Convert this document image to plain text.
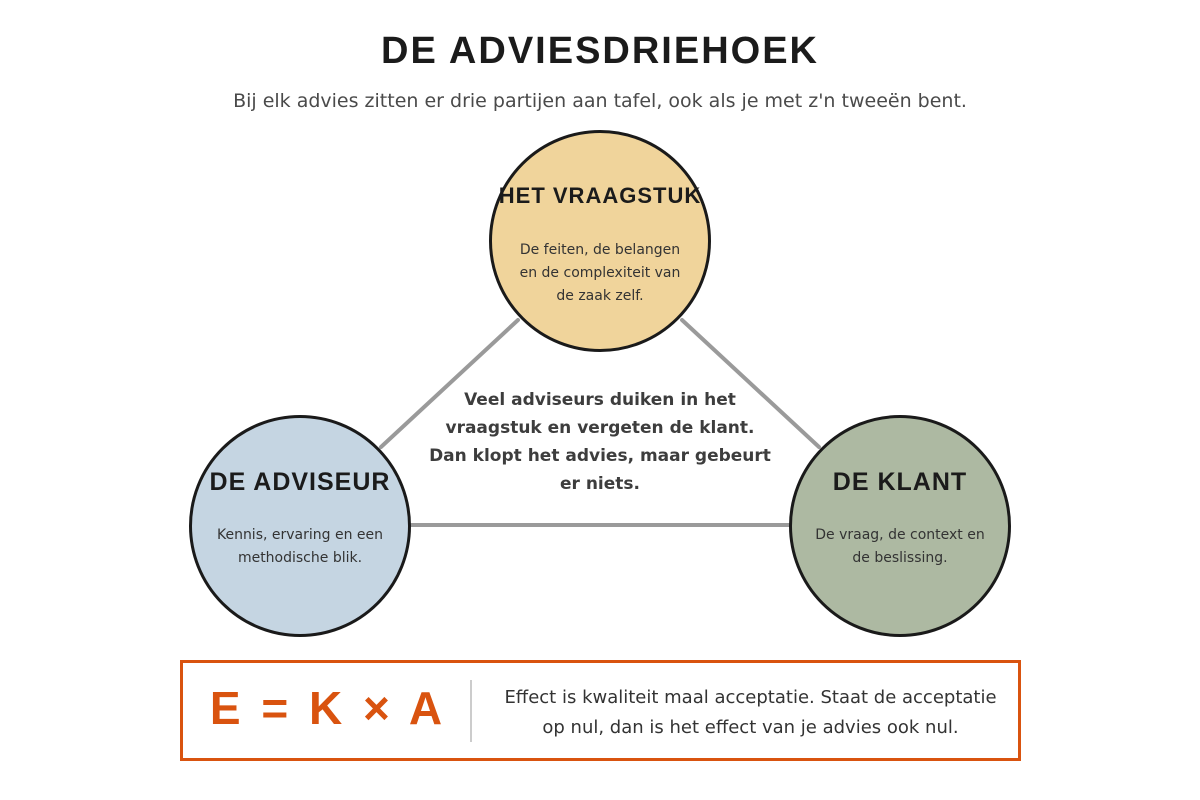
DE ADVIESDRIEHOEK
Bij elk advies zitten er drie partijen aan tafel, ook als je met z'n tweeën bent.
HET VRAAGSTUK
De feiten, de belangen en de complexiteit van de zaak zelf.
DE ADVISEUR
Kennis, ervaring en een methodische blik.
DE KLANT
De vraag, de context en de beslissing.
Veel adviseurs duiken in het vraagstuk en vergeten de klant. Dan klopt het advies, maar gebeurt er niets.
E = K × A	Effect is kwaliteit maal acceptatie. Staat de acceptatie op nul, dan is het effect van je advies ook nul.
